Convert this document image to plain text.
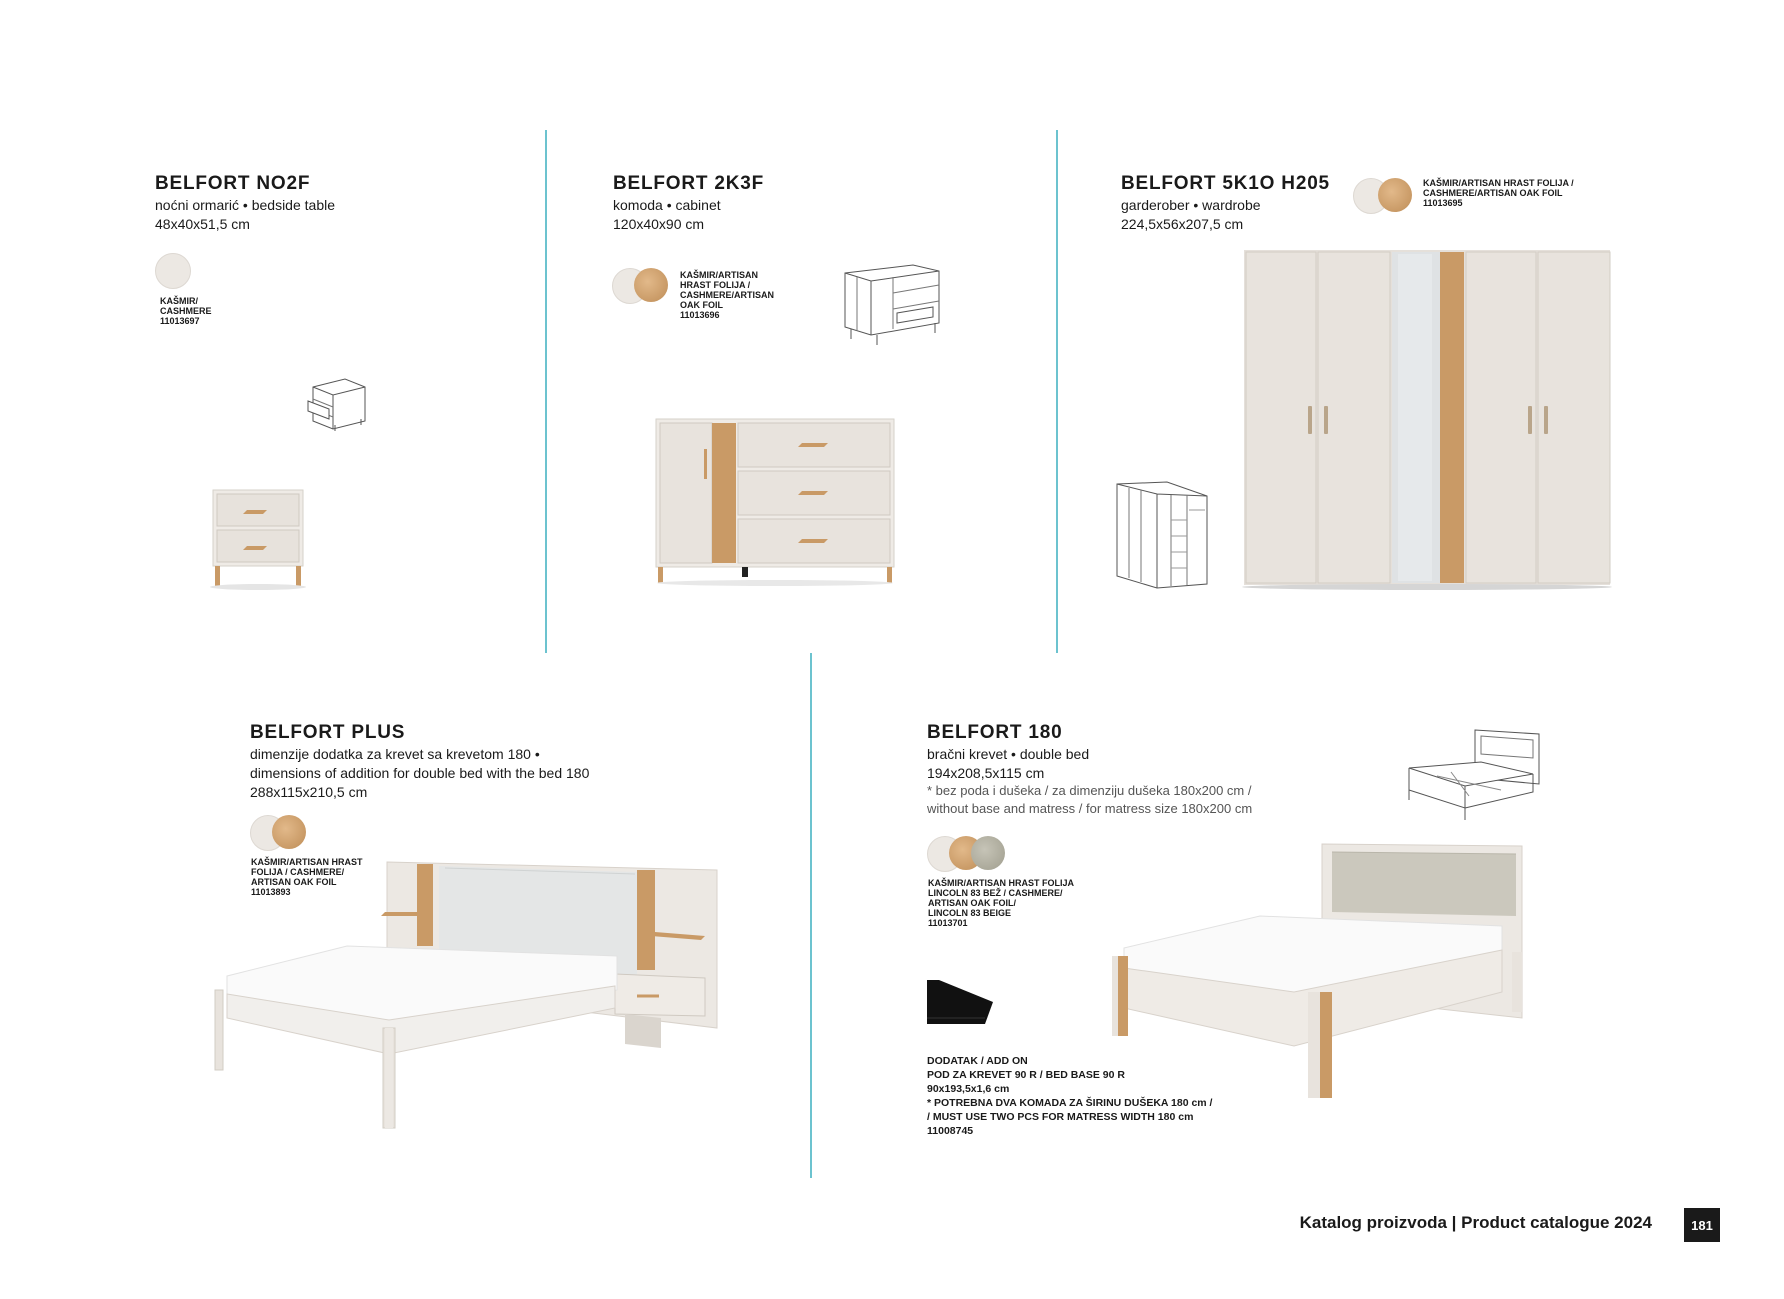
BELFORT NO2F
noćni ormarić • bedside table
48x40x51,5 cm
KAŠMIR/
CASHMERE
11013697
BELFORT 2K3F
komoda • cabinet
120x40x90 cm
KAŠMIR/ARTISAN
HRAST FOLIJA /
CASHMERE/ARTISAN
OAK FOIL
11013696
BELFORT 5K1O H205
garderober • wardrobe
224,5x56x207,5 cm
KAŠMIR/ARTISAN HRAST FOLIJA /
CASHMERE/ARTISAN OAK FOIL
11013695
BELFORT PLUS
dimenzije dodatka za krevet sa krevetom 180 •
dimensions of addition for double bed with the bed 180
288x115x210,5 cm
KAŠMIR/ARTISAN HRAST
FOLIJA / CASHMERE/
ARTISAN OAK FOIL
11013893
BELFORT 180
bračni krevet • double bed
194x208,5x115 cm
* bez poda i dušeka / za dimenziju dušeka 180x200 cm /
without base and matress / for matress size 180x200 cm
KAŠMIR/ARTISAN HRAST FOLIJA
LINCOLN 83 BEŽ / CASHMERE/
ARTISAN OAK FOIL/
LINCOLN 83 BEIGE
11013701
DODATAK / ADD ON
POD ZA KREVET 90 R / BED BASE 90 R
90x193,5x1,6 cm
* POTREBNA DVA KOMADA ZA ŠIRINU DUŠEKA 180 cm /
/ MUST USE TWO PCS FOR MATRESS WIDTH 180 cm
11008745
Katalog proizvoda | Product catalogue 2024	181
